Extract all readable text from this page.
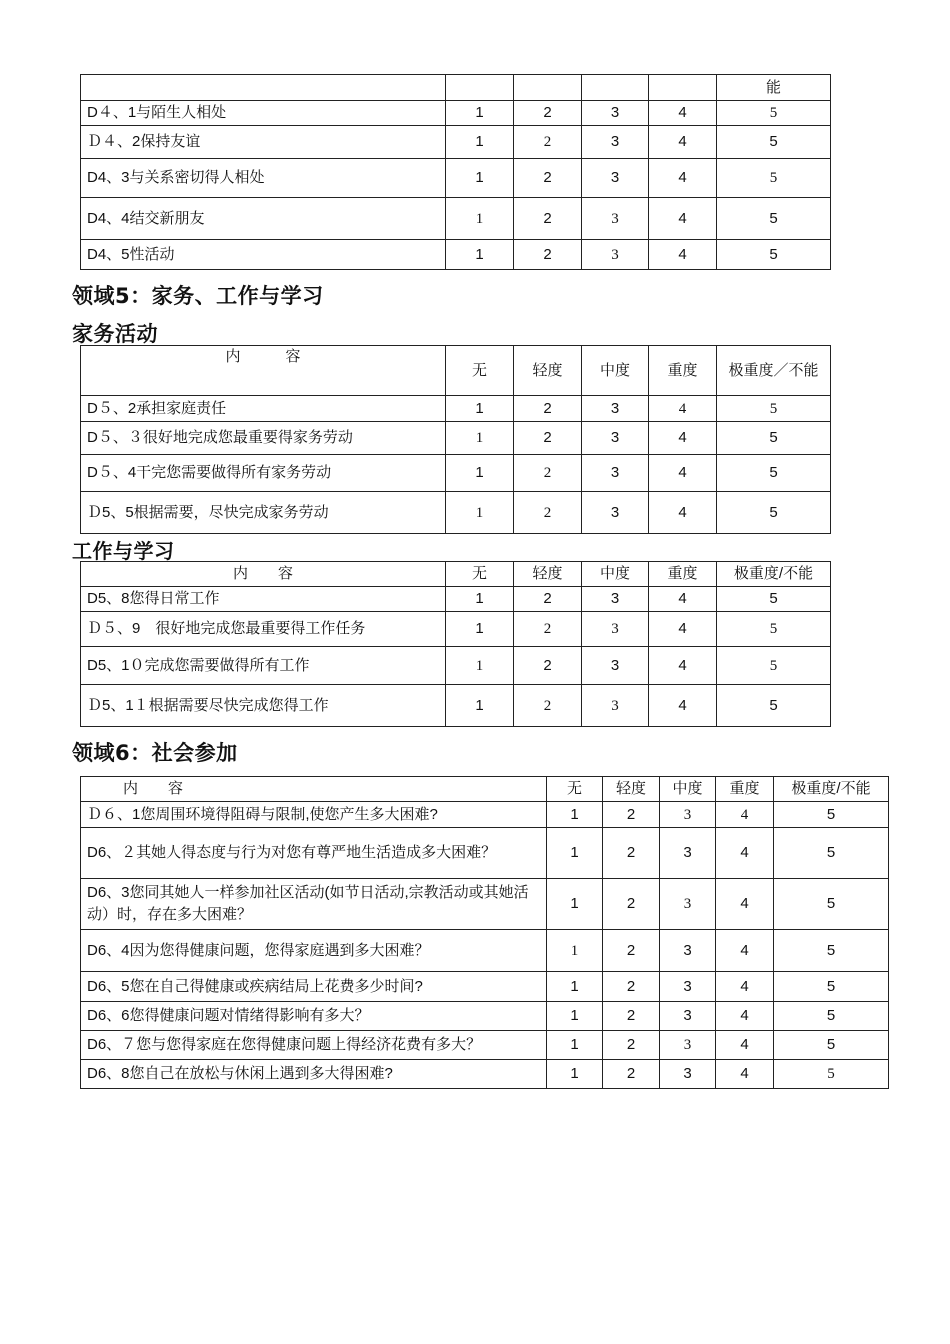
					能
D４、1与陌生人相处	1	2	3	4	5
Ｄ４、2保持友谊	1	2	3	4	5
D4、3与关系密切得人相处	1	2	3	4	5
D4、4结交新朋友	1	2	3	4	5
D4、5性活动	1	2	3	4	5
领域5：家务、工作与学习
家务活动
内　　　容	无	轻度	中度	重度	极重度／不能
D５、2承担家庭责任	1	2	3	4	5
D５、３很好地完成您最重要得家务劳动	1	2	3	4	5
D５、4干完您需要做得所有家务劳动	1	2	3	4	5
Ｄ5、5根据需要，尽快完成家务劳动	1	2	3	4	5
工作与学习
内　　容	无	轻度	中度	重度	极重度/不能
D5、8您得日常工作	1	2	3	4	5
Ｄ５、9　很好地完成您最重要得工作任务	1	2	3	4	5
D5、1０完成您需要做得所有工作	1	2	3	4	5
Ｄ5、1１根据需要尽快完成您得工作	1	2	3	4	5
领域6：社会参加
内　　容	无	轻度	中度	重度	极重度/不能
Ｄ６、1您周围环境得阻碍与限制,使您产生多大困难?	1	2	3	4	5
D6、２其她人得态度与行为对您有尊严地生活造成多大困难？	1	2	3	4	5
D6、3您同其她人一样参加社区活动(如节日活动,宗教活动或其她活动）时，存在多大困难？	1	2	3	4	5
D6、4因为您得健康问题，您得家庭遇到多大困难？	1	2	3	4	5
D6、5您在自己得健康或疾病结局上花费多少时间?	1	2	3	4	5
D6、6您得健康问题对情绪得影响有多大？	1	2	3	4	5
D6、７您与您得家庭在您得健康问题上得经济花费有多大？	1	2	3	4	5
D6、8您自己在放松与休闲上遇到多大得困难?	1	2	3	4	5
